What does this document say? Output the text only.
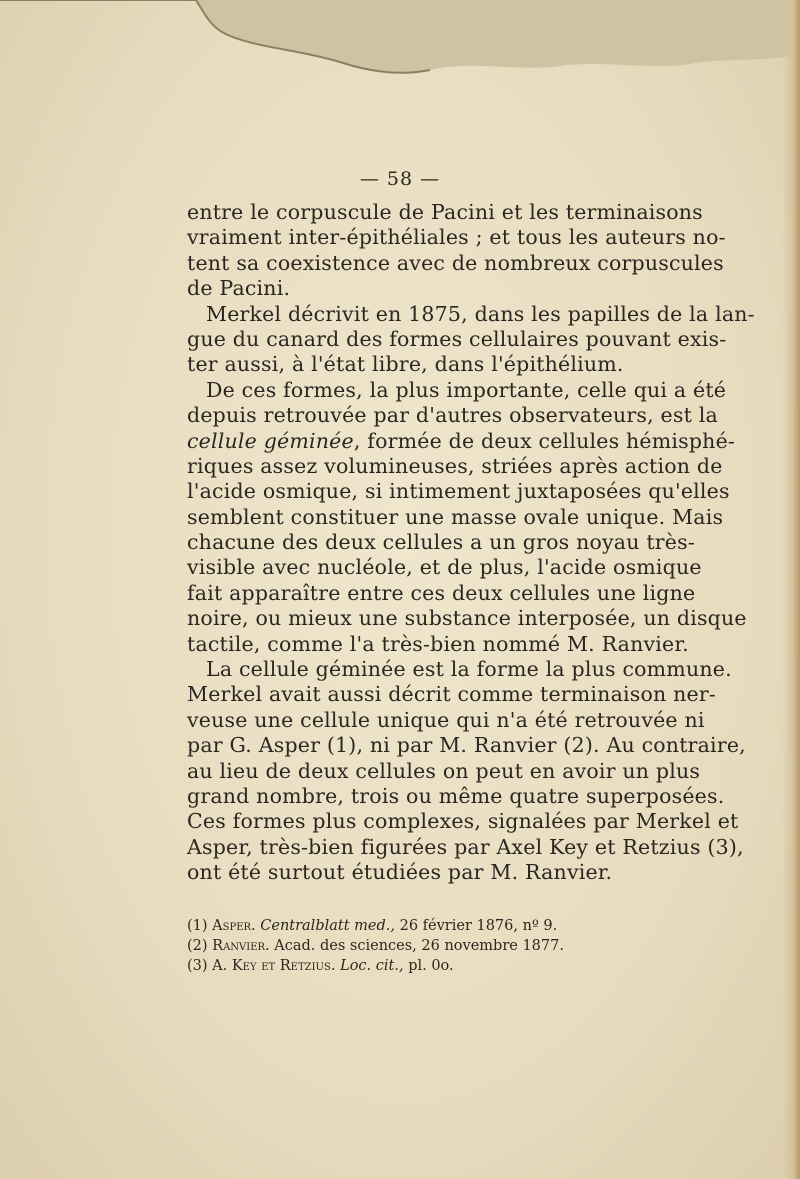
— 58 —
entre le corpuscule de Pacini et les terminaisons
vraiment inter-épithéliales ; et tous les auteurs no-
tent sa coexistence avec de nombreux corpuscules
de Pacini.
Merkel décrivit en 1875, dans les papilles de la lan-
gue du canard des formes cellulaires pouvant exis-
ter aussi, à l'état libre, dans l'épithélium.
De ces formes, la plus importante, celle qui a été
depuis retrouvée par d'autres observateurs, est la
cellule géminée, formée de deux cellules hémisphé-
riques assez volumineuses, striées après action de
l'acide osmique, si intimement juxtaposées qu'elles
semblent constituer une masse ovale unique. Mais
chacune des deux cellules a un gros noyau très-
visible avec nucléole, et de plus, l'acide osmique
fait apparaître entre ces deux cellules une ligne
noire, ou mieux une substance interposée, un disque
tactile, comme l'a très-bien nommé M. Ranvier.
La cellule géminée est la forme la plus commune.
Merkel avait aussi décrit comme terminaison ner-
veuse une cellule unique qui n'a été retrouvée ni
par G. Asper (1), ni par M. Ranvier (2). Au contraire,
au lieu de deux cellules on peut en avoir un plus
grand nombre, trois ou même quatre superposées.
Ces formes plus complexes, signalées par Merkel et
Asper, très-bien figurées par Axel Key et Retzius (3),
ont été surtout étudiées par M. Ranvier.
(1) Asper. Centralblatt med., 26 février 1876, nº 9.
(2) Ranvier. Acad. des sciences, 26 novembre 1877.
(3) A. Key et Retzius. Loc. cit., pl. 0o.
